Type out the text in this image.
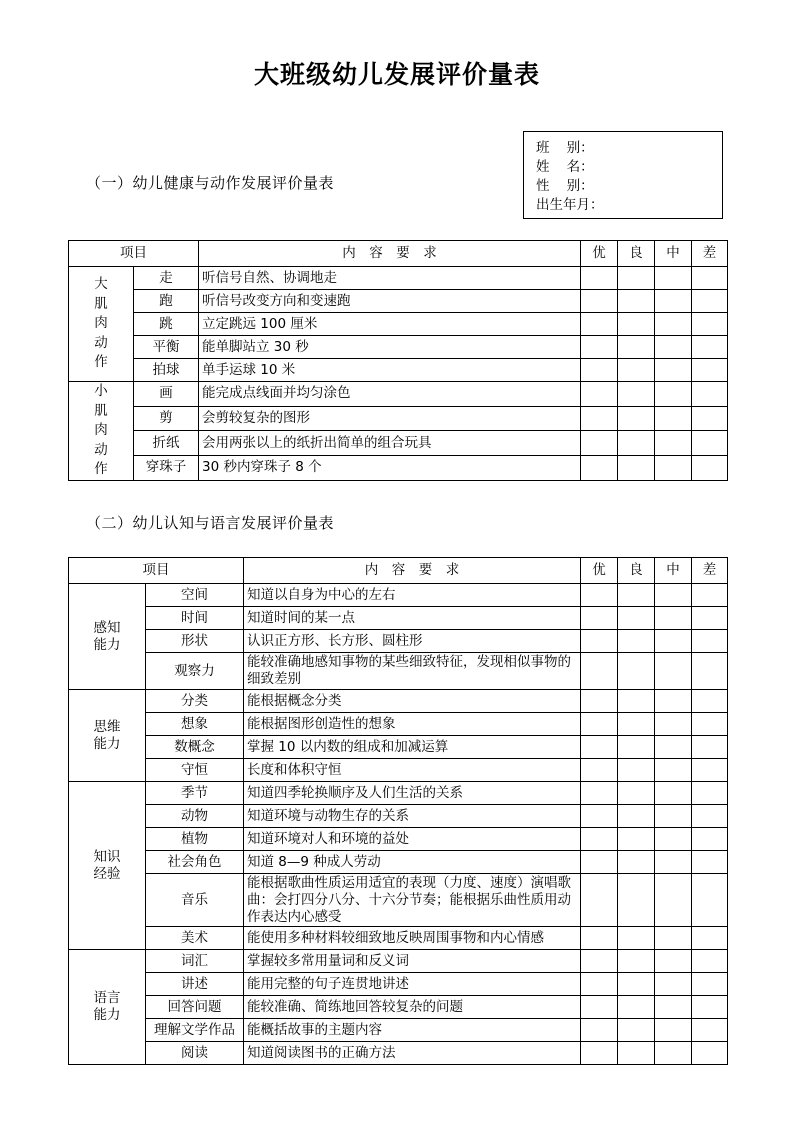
大班级幼儿发展评价量表
班    别：
姓    名：
性    别：
出生年月：
（一）幼儿健康与动作发展评价量表
项目		内　容　要　求	优	良	中	差

大
肌
肉
动
作	走	听信号自然、协调地走				
	跑	听信号改变方向和变速跑				
	跳	立定跳远 100 厘米				
	平衡	能单脚站立 30 秒				
	拍球	单手运球 10 米				

小
肌
肉
动
作	画	能完成点线面并均匀涂色				
	剪	会剪较复杂的图形				
	折纸	会用两张以上的纸折出简单的组合玩具				
	穿珠子	30 秒内穿珠子 8 个				
（二）幼儿认知与语言发展评价量表
项目		内　容　要　求	优	良	中	差

感知
能力	空间	知道以自身为中心的左右				
	时间	知道时间的某一点				
	形状	认识正方形、长方形、圆柱形				
	观察力	能较准确地感知事物的某些细致特征，发现相似事物的细致差别				

思维
能力	分类	能根据概念分类				
	想象	能根据图形创造性的想象				
	数概念	掌握 10 以内数的组成和加减运算				
	守恒	长度和体积守恒				

知识
经验	季节	知道四季轮换顺序及人们生活的关系				
	动物	知道环境与动物生存的关系				
	植物	知道环境对人和环境的益处				
	社会角色	知道 8—9 种成人劳动				
	音乐	能根据歌曲性质运用适宜的表现（力度、速度）演唱歌曲：会打四分八分、十六分节奏；能根据乐曲性质用动作表达内心感受				
	美术	能使用多种材料较细致地反映周围事物和内心情感				

语言
能力	词汇	掌握较多常用量词和反义词				
	讲述	能用完整的句子连贯地讲述				
	回答问题	能较准确、简练地回答较复杂的问题				
	理解文学作品	能概括故事的主题内容				
	阅读	知道阅读图书的正确方法				
